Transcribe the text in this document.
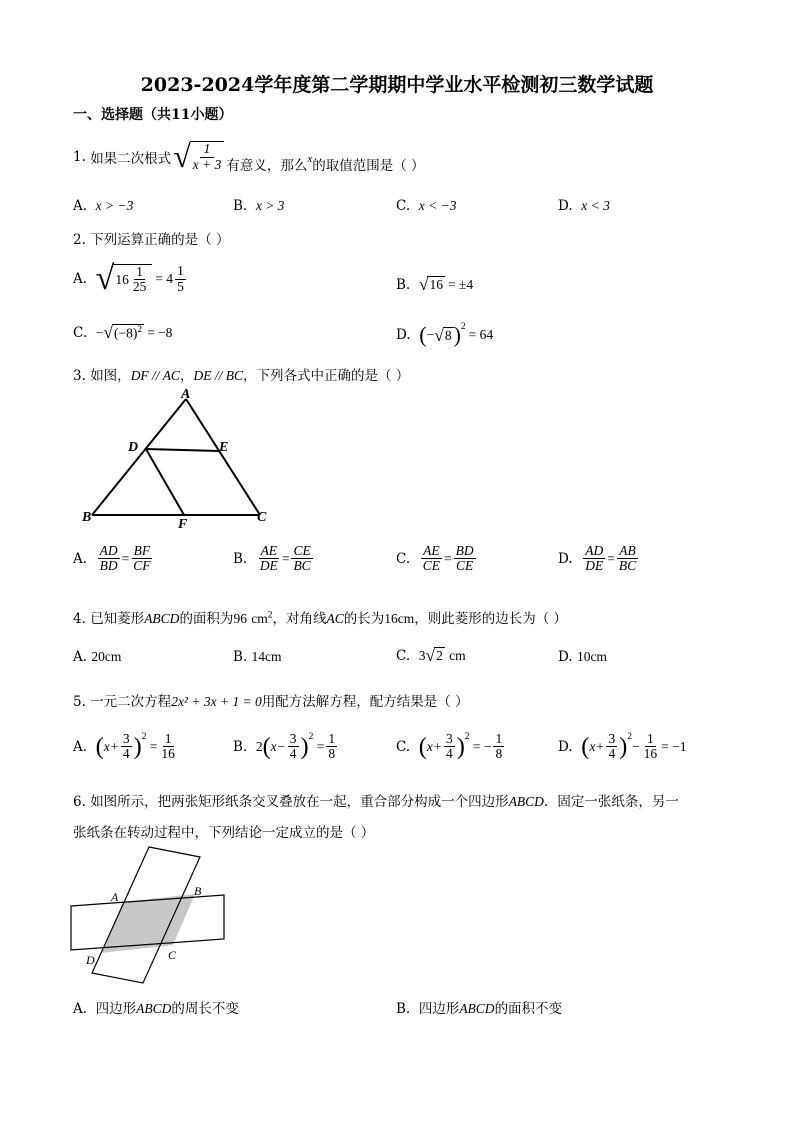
2023-2024学年度第二学期期中学业水平检测初三数学试题
一、选择题（共11小题）
1.
如果二次根式 √ 1
x + 3 有意义，那么 x 的取值范围是（ ）
A. x > −3	B. x > 3	C. x < −3	D. x < 3
2. 下列运算正确的是（ ）
A.
√ $16 \frac{1}{25} = 4 \frac{1}{5}$	B.
√ 16 = ±4
C.
− √ $(-8)^2 = -8$	D.
( − √ 8 )$^2$ = 64
3. 如图，DF // AC，DE // BC，下列各式中正确的是（ ）
A
D	E
B	F	C
A.
$\frac{AD}{BD} = \frac{BF}{CF}$	B.
$\frac{AE}{DE} = \frac{CE}{BC}$	C.
$\frac{AE}{CE} = \frac{BD}{CE}$	D.
$\frac{AD}{DE} = \frac{AB}{BC}$
4. 已知菱形ABCD的面积为96 $cm^2$，对角线AC的长为16cm，则此菱形的边长为（ ）
A. 20cm	B. 14cm	C.
3 √ 2
cm	D. 10cm
5. 一元二次方程2x² + 3x + 1 = 0用配方法解方程，配方结果是（ ）
A.
( $x+ \frac{3}{4} )^2$
= $\frac{1}{16}$	B.
2 ( $x- \frac{3}{4} )^2$
= $\frac{1}{8}$	C.
( $x+ \frac{3}{4} )^2$
= − $\frac{1}{8}$	D.
( $x+ \frac{3}{4} )^2$
− $\frac{1}{16} = -1$
6. 如图所示，把两张矩形纸条交叉叠放在一起，重合部分构成一个四边形ABCD．固定一张纸条，另一
张纸条在转动过程中，下列结论一定成立的是（ ）
A	B
C
D
A. 四边形ABCD的周长不变	B. 四边形ABCD的面积不变
